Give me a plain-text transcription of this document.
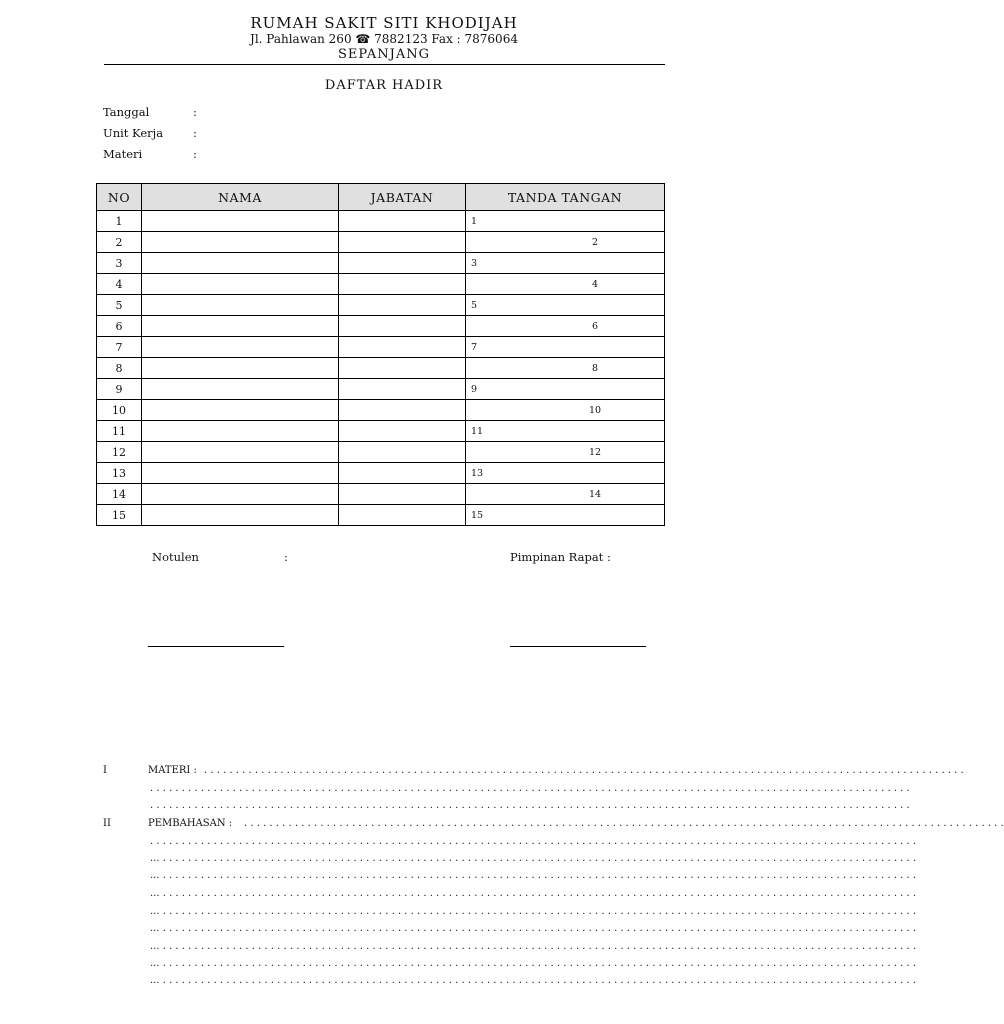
RUMAH SAKIT SITI KHODIJAH
Jl. Pahlawan 260 ☎ 7882123 Fax : 7876064
SEPANJANG
DAFTAR HADIR
Tanggal	:
Unit Kerja	:
Materi	:
NO	NAMA	JABATAN	TANDA TANGAN
1			1
2			2
3			3
4			4
5			5
6			6
7			7
8			8
9			9
10			10
11			11
12			12
13			13
14			14
15			15
Notulen	:	Pimpinan Rapat :
I	MATERI : . . . . . . . . . . . . . . . . . . . . . . . . . . . . . . . . . . . . . . . . . . . . . . . . . . . . . . . . . . . . . . . . . . . . . . . . . . . . . . . . . . . . . . . . . . . . . . . . . . . . . . . . . . . . . . . . . . . . . . . .
. . . . . . . . . . . . . . . . . . . . . . . . . . . . . . . . . . . . . . . . . . . . . . . . . . . . . . . . . . . . . . . . . . . . . . . . . . . . . . . . . . . . . . . . . . . . . . . . . . . . . . . . . . . . . . . . . . . . . . . .
. . . . . . . . . . . . . . . . . . . . . . . . . . . . . . . . . . . . . . . . . . . . . . . . . . . . . . . . . . . . . . . . . . . . . . . . . . . . . . . . . . . . . . . . . . . . . . . . . . . . . . . . . . . . . . . . . . . . . . . .
II	PEMBAHASAN : . . . . . . . . . . . . . . . . . . . . . . . . . . . . . . . . . . . . . . . . . . . . . . . . . . . . . . . . . . . . . . . . . . . . . . . . . . . . . . . . . . . . . . . . . . . . . . . . . . . . . . . . . . . . . . . . . . . . . . . .
. . . . . . . . . . . . . . . . . . . . . . . . . . . . . . . . . . . . . . . . . . . . . . . . . . . . . . . . . . . . . . . . . . . . . . . . . . . . . . . . . . . . . . . . . . . . . . . . . . . . . . . . . . . . . . . . . . . . . . . . .
... . . . . . . . . . . . . . . . . . . . . . . . . . . . . . . . . . . . . . . . . . . . . . . . . . . . . . . . . . . . . . . . . . . . . . . . . . . . . . . . . . . . . . . . . . . . . . . . . . . . . . . . . . . . . . . . . . . . . . . .
... . . . . . . . . . . . . . . . . . . . . . . . . . . . . . . . . . . . . . . . . . . . . . . . . . . . . . . . . . . . . . . . . . . . . . . . . . . . . . . . . . . . . . . . . . . . . . . . . . . . . . . . . . . . . . . . . . . . . . . .
... . . . . . . . . . . . . . . . . . . . . . . . . . . . . . . . . . . . . . . . . . . . . . . . . . . . . . . . . . . . . . . . . . . . . . . . . . . . . . . . . . . . . . . . . . . . . . . . . . . . . . . . . . . . . . . . . . . . . . . .
... . . . . . . . . . . . . . . . . . . . . . . . . . . . . . . . . . . . . . . . . . . . . . . . . . . . . . . . . . . . . . . . . . . . . . . . . . . . . . . . . . . . . . . . . . . . . . . . . . . . . . . . . . . . . . . . . . . . . . . .
... . . . . . . . . . . . . . . . . . . . . . . . . . . . . . . . . . . . . . . . . . . . . . . . . . . . . . . . . . . . . . . . . . . . . . . . . . . . . . . . . . . . . . . . . . . . . . . . . . . . . . . . . . . . . . . . . . . . . . . .
... . . . . . . . . . . . . . . . . . . . . . . . . . . . . . . . . . . . . . . . . . . . . . . . . . . . . . . . . . . . . . . . . . . . . . . . . . . . . . . . . . . . . . . . . . . . . . . . . . . . . . . . . . . . . . . . . . . . . . . .
... . . . . . . . . . . . . . . . . . . . . . . . . . . . . . . . . . . . . . . . . . . . . . . . . . . . . . . . . . . . . . . . . . . . . . . . . . . . . . . . . . . . . . . . . . . . . . . . . . . . . . . . . . . . . . . . . . . . . . . .
... . . . . . . . . . . . . . . . . . . . . . . . . . . . . . . . . . . . . . . . . . . . . . . . . . . . . . . . . . . . . . . . . . . . . . . . . . . . . . . . . . . . . . . . . . . . . . . . . . . . . . . . . . . . . . . . . . . . . . . .
